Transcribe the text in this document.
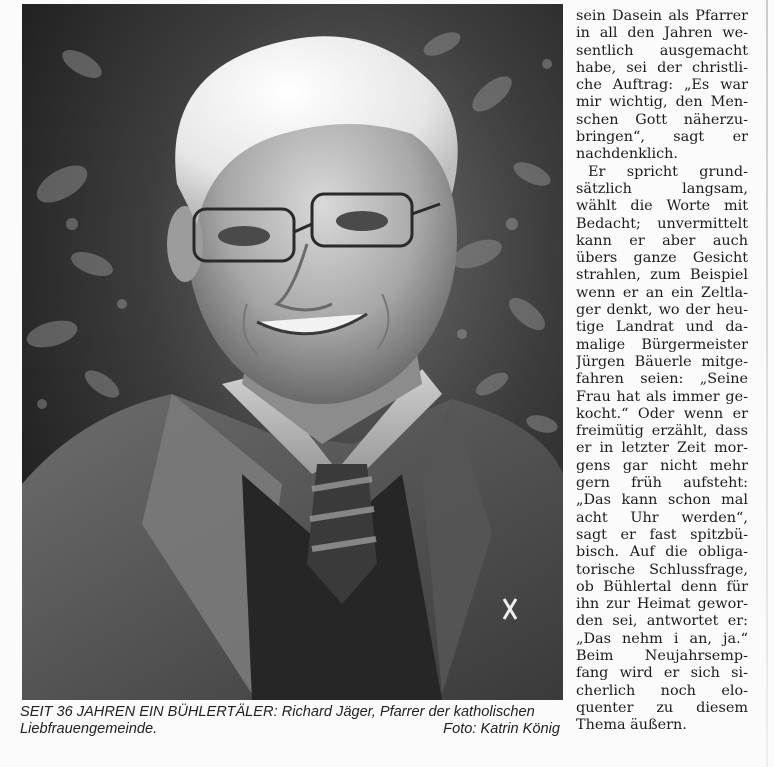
SEIT 36 JAHREN EIN BÜHLERTÄLER: Richard Jäger, Pfarrer der katholischen
Liebfrauengemeinde.	Foto: Katrin König
sein Dasein als Pfarrer
in all den Jahren we-
sentlich ausgemacht
habe, sei der christli-
che Auftrag: „Es war
mir wichtig, den Men-
schen Gott näherzu-
bringen“, sagt er
nachdenklich.
Er spricht grund-
sätzlich langsam,
wählt die Worte mit
Bedacht; unvermittelt
kann er aber auch
übers ganze Gesicht
strahlen, zum Beispiel
wenn er an ein Zeltla-
ger denkt, wo der heu-
tige Landrat und da-
malige Bürgermeister
Jürgen Bäuerle mitge-
fahren seien: „Seine
Frau hat als immer ge-
kocht.“ Oder wenn er
freimütig erzählt, dass
er in letzter Zeit mor-
gens gar nicht mehr
gern früh aufsteht:
„Das kann schon mal
acht Uhr werden“,
sagt er fast spitzbü-
bisch. Auf die obliga-
torische Schlussfrage,
ob Bühlertal denn für
ihn zur Heimat gewor-
den sei, antwortet er:
„Das nehm i an, ja.“
Beim Neujahrsemp-
fang wird er sich si-
cherlich noch elo-
quenter zu diesem
Thema äußern.
